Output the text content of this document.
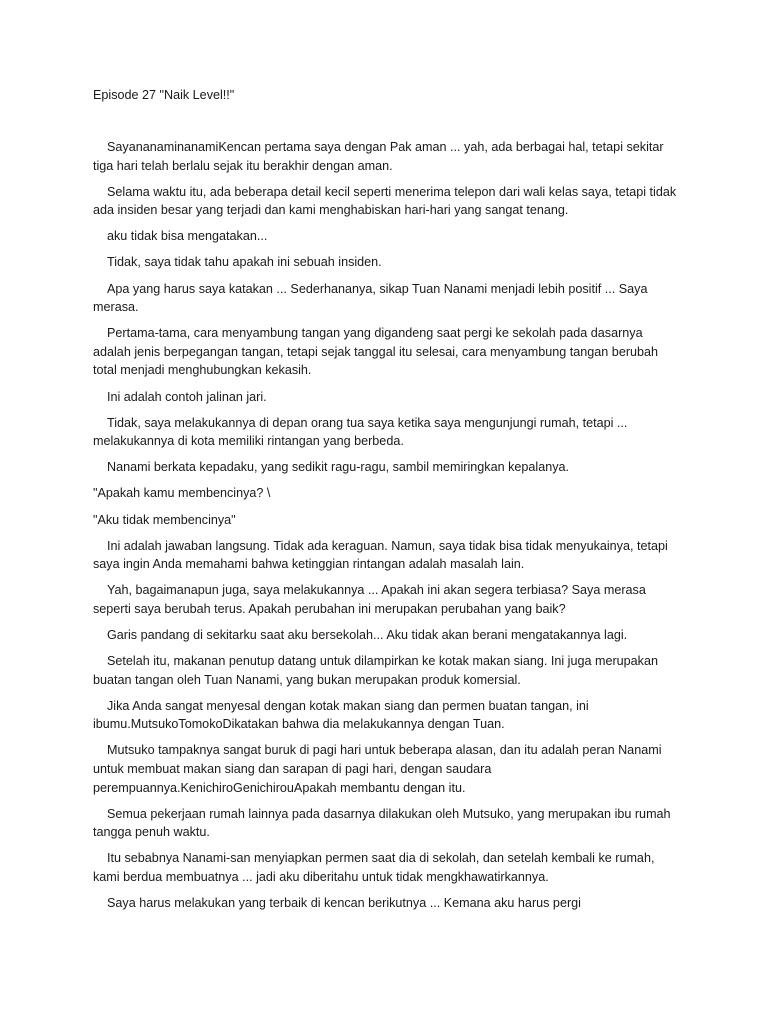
Episode 27 "Naik Level!!"

SayananaminanamiKencan pertama saya dengan Pak aman ... yah, ada berbagai hal, tetapi sekitar tiga hari telah berlalu sejak itu berakhir dengan aman.

Selama waktu itu, ada beberapa detail kecil seperti menerima telepon dari wali kelas saya, tetapi tidak ada insiden besar yang terjadi dan kami menghabiskan hari-hari yang sangat tenang.

aku tidak bisa mengatakan...

Tidak, saya tidak tahu apakah ini sebuah insiden.

Apa yang harus saya katakan ... Sederhananya, sikap Tuan Nanami menjadi lebih positif ... Saya merasa.

Pertama-tama, cara menyambung tangan yang digandeng saat pergi ke sekolah pada dasarnya adalah jenis berpegangan tangan, tetapi sejak tanggal itu selesai, cara menyambung tangan berubah total menjadi menghubungkan kekasih.

Ini adalah contoh jalinan jari.

Tidak, saya melakukannya di depan orang tua saya ketika saya mengunjungi rumah, tetapi ... melakukannya di kota memiliki rintangan yang berbeda.

Nanami berkata kepadaku, yang sedikit ragu-ragu, sambil memiringkan kepalanya.

"Apakah kamu membencinya? \

"Aku tidak membencinya"

Ini adalah jawaban langsung. Tidak ada keraguan. Namun, saya tidak bisa tidak menyukainya, tetapi saya ingin Anda memahami bahwa ketinggian rintangan adalah masalah lain.

Yah, bagaimanapun juga, saya melakukannya ... Apakah ini akan segera terbiasa? Saya merasa seperti saya berubah terus. Apakah perubahan ini merupakan perubahan yang baik?

Garis pandang di sekitarku saat aku bersekolah... Aku tidak akan berani mengatakannya lagi.

Setelah itu, makanan penutup datang untuk dilampirkan ke kotak makan siang. Ini juga merupakan buatan tangan oleh Tuan Nanami, yang bukan merupakan produk komersial.

Jika Anda sangat menyesal dengan kotak makan siang dan permen buatan tangan, ini ibumu.MutsukoTomokoDikatakan bahwa dia melakukannya dengan Tuan.

Mutsuko tampaknya sangat buruk di pagi hari untuk beberapa alasan, dan itu adalah peran Nanami untuk membuat makan siang dan sarapan di pagi hari, dengan saudara perempuannya.KenichiroGenichirouApakah membantu dengan itu.

Semua pekerjaan rumah lainnya pada dasarnya dilakukan oleh Mutsuko, yang merupakan ibu rumah tangga penuh waktu.

Itu sebabnya Nanami-san menyiapkan permen saat dia di sekolah, dan setelah kembali ke rumah, kami berdua membuatnya ... jadi aku diberitahu untuk tidak mengkhawatirkannya.

Saya harus melakukan yang terbaik di kencan berikutnya ... Kemana aku harus pergi
